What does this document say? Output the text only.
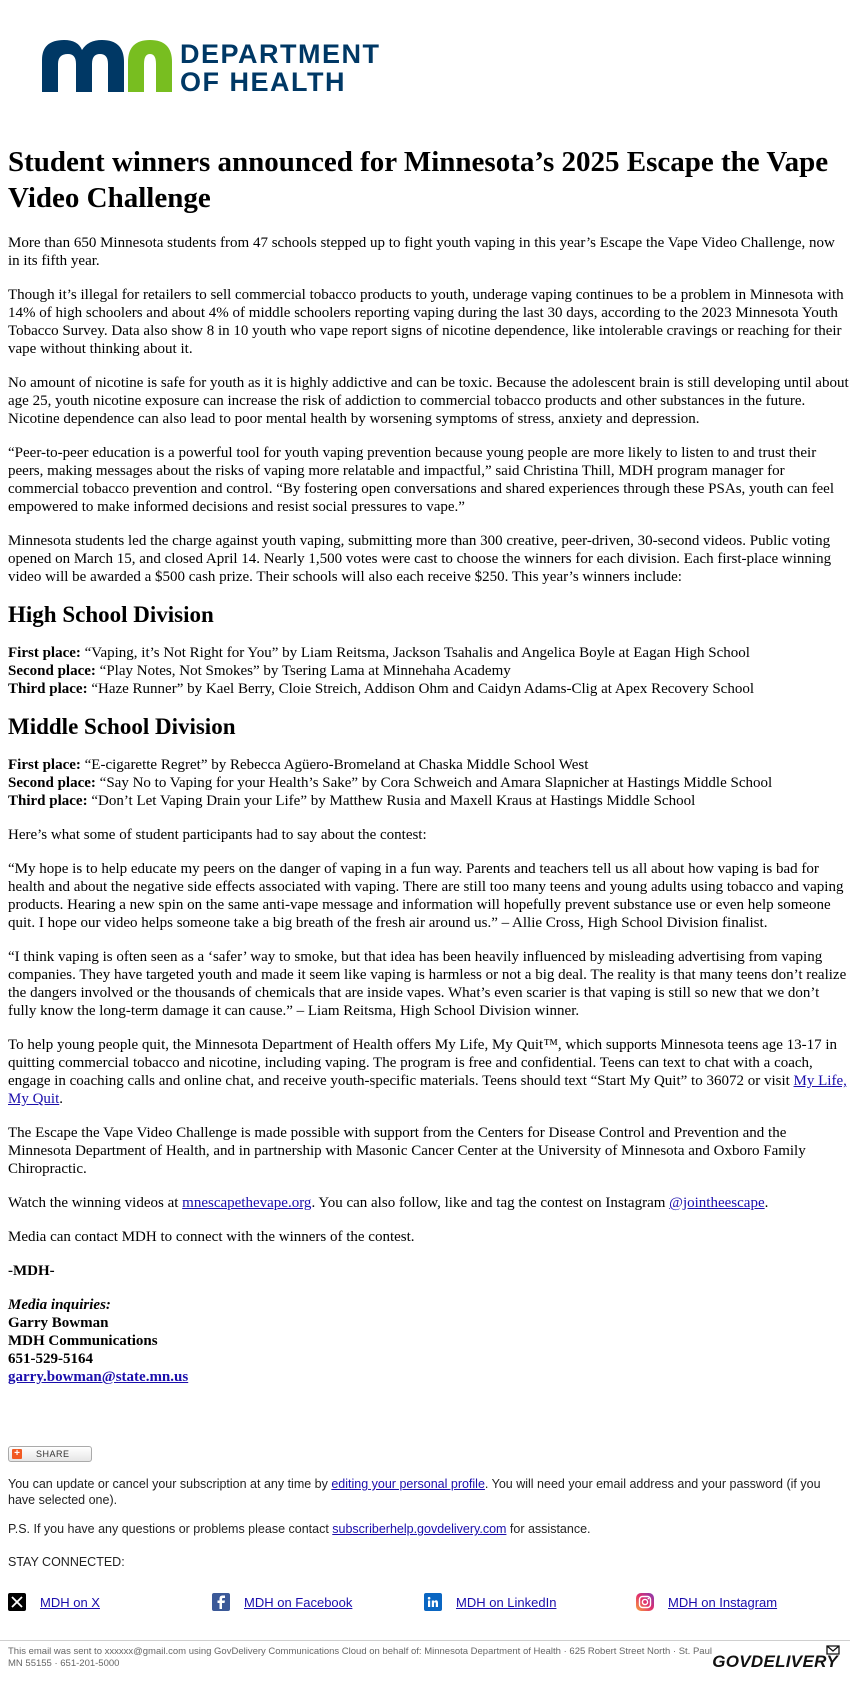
DEPARTMENT
OF HEALTH
Student winners announced for Minnesota’s 2025 Escape the Vape Video Challenge

More than 650 Minnesota students from 47 schools stepped up to fight youth vaping in this year’s Escape the Vape Video Challenge, now in its fifth year.

Though it’s illegal for retailers to sell commercial tobacco products to youth, underage vaping continues to be a problem in Minnesota with 14% of high schoolers and about 4% of middle schoolers reporting vaping during the last 30 days, according to the 2023 Minnesota Youth Tobacco Survey. Data also show 8 in 10 youth who vape report signs of nicotine dependence, like intolerable cravings or reaching for their vape without thinking about it.

No amount of nicotine is safe for youth as it is highly addictive and can be toxic. Because the adolescent brain is still developing until about age 25, youth nicotine exposure can increase the risk of addiction to commercial tobacco products and other substances in the future. Nicotine dependence can also lead to poor mental health by worsening symptoms of stress, anxiety and depression.

“Peer-to-peer education is a powerful tool for youth vaping prevention because young people are more likely to listen to and trust their peers, making messages about the risks of vaping more relatable and impactful,” said Christina Thill, MDH program manager for commercial tobacco prevention and control. “By fostering open conversations and shared experiences through these PSAs, youth can feel empowered to make informed decisions and resist social pressures to vape.”

Minnesota students led the charge against youth vaping, submitting more than 300 creative, peer-driven, 30-second videos. Public voting opened on March 15, and closed April 14. Nearly 1,500 votes were cast to choose the winners for each division. Each first-place winning video will be awarded a $500 cash prize. Their schools will also each receive $250. This year’s winners include:

High School Division
First place: “Vaping, it’s Not Right for You” by Liam Reitsma, Jackson Tsahalis and Angelica Boyle at Eagan High School
Second place: “Play Notes, Not Smokes” by Tsering Lama at Minnehaha Academy
Third place: “Haze Runner” by Kael Berry, Cloie Streich, Addison Ohm and Caidyn Adams-Clig at Apex Recovery School
Middle School Division
First place: “E-cigarette Regret” by Rebecca Agüero-Bromeland at Chaska Middle School West
Second place: “Say No to Vaping for your Health’s Sake” by Cora Schweich and Amara Slapnicher at Hastings Middle School
Third place: “Don’t Let Vaping Drain your Life” by Matthew Rusia and Maxell Kraus at Hastings Middle School

Here’s what some of student participants had to say about the contest:

“My hope is to help educate my peers on the danger of vaping in a fun way. Parents and teachers tell us all about how vaping is bad for health and about the negative side effects associated with vaping. There are still too many teens and young adults using tobacco and vaping products. Hearing a new spin on the same anti-vape message and information will hopefully prevent substance use or even help someone quit. I hope our video helps someone take a big breath of the fresh air around us.” – Allie Cross, High School Division finalist.

“I think vaping is often seen as a ‘safer’ way to smoke, but that idea has been heavily influenced by misleading advertising from vaping companies. They have targeted youth and made it seem like vaping is harmless or not a big deal. The reality is that many teens don’t realize the dangers involved or the thousands of chemicals that are inside vapes. What’s even scarier is that vaping is still so new that we don’t fully know the long-term damage it can cause.” – Liam Reitsma, High School Division winner.

To help young people quit, the Minnesota Department of Health offers My Life, My Quit™, which supports Minnesota teens age 13-17 in quitting commercial tobacco and nicotine, including vaping. The program is free and confidential. Teens can text to chat with a coach, engage in coaching calls and online chat, and receive youth-specific materials. Teens should text “Start My Quit” to 36072 or visit My Life, My Quit.

The Escape the Vape Video Challenge is made possible with support from the Centers for Disease Control and Prevention and the Minnesota Department of Health, and in partnership with Masonic Cancer Center at the University of Minnesota and Oxboro Family Chiropractic.

Watch the winning videos at mnescapethevape.org. You can also follow, like and tag the contest on Instagram @jointheescape.

Media can contact MDH to connect with the winners of the contest.

-MDH-

Media inquiries:
Garry Bowman
MDH Communications
651-529-5164
garry.bowman@state.mn.us
+ SHARE
You can update or cancel your subscription at any time by editing your personal profile. You will need your email address and your password (if you have selected one).
P.S. If you have any questions or problems please contact subscriberhelp.govdelivery.com for assistance.
STAY CONNECTED:
MDH on X	MDH on Facebook	MDH on LinkedIn	MDH on Instagram
This email was sent to xxxxxx@gmail.com using GovDelivery Communications Cloud on behalf of: Minnesota Department of Health · 625 Robert Street North · St. Paul MN 55155 · 651-201-5000	GOVDELIVERY
